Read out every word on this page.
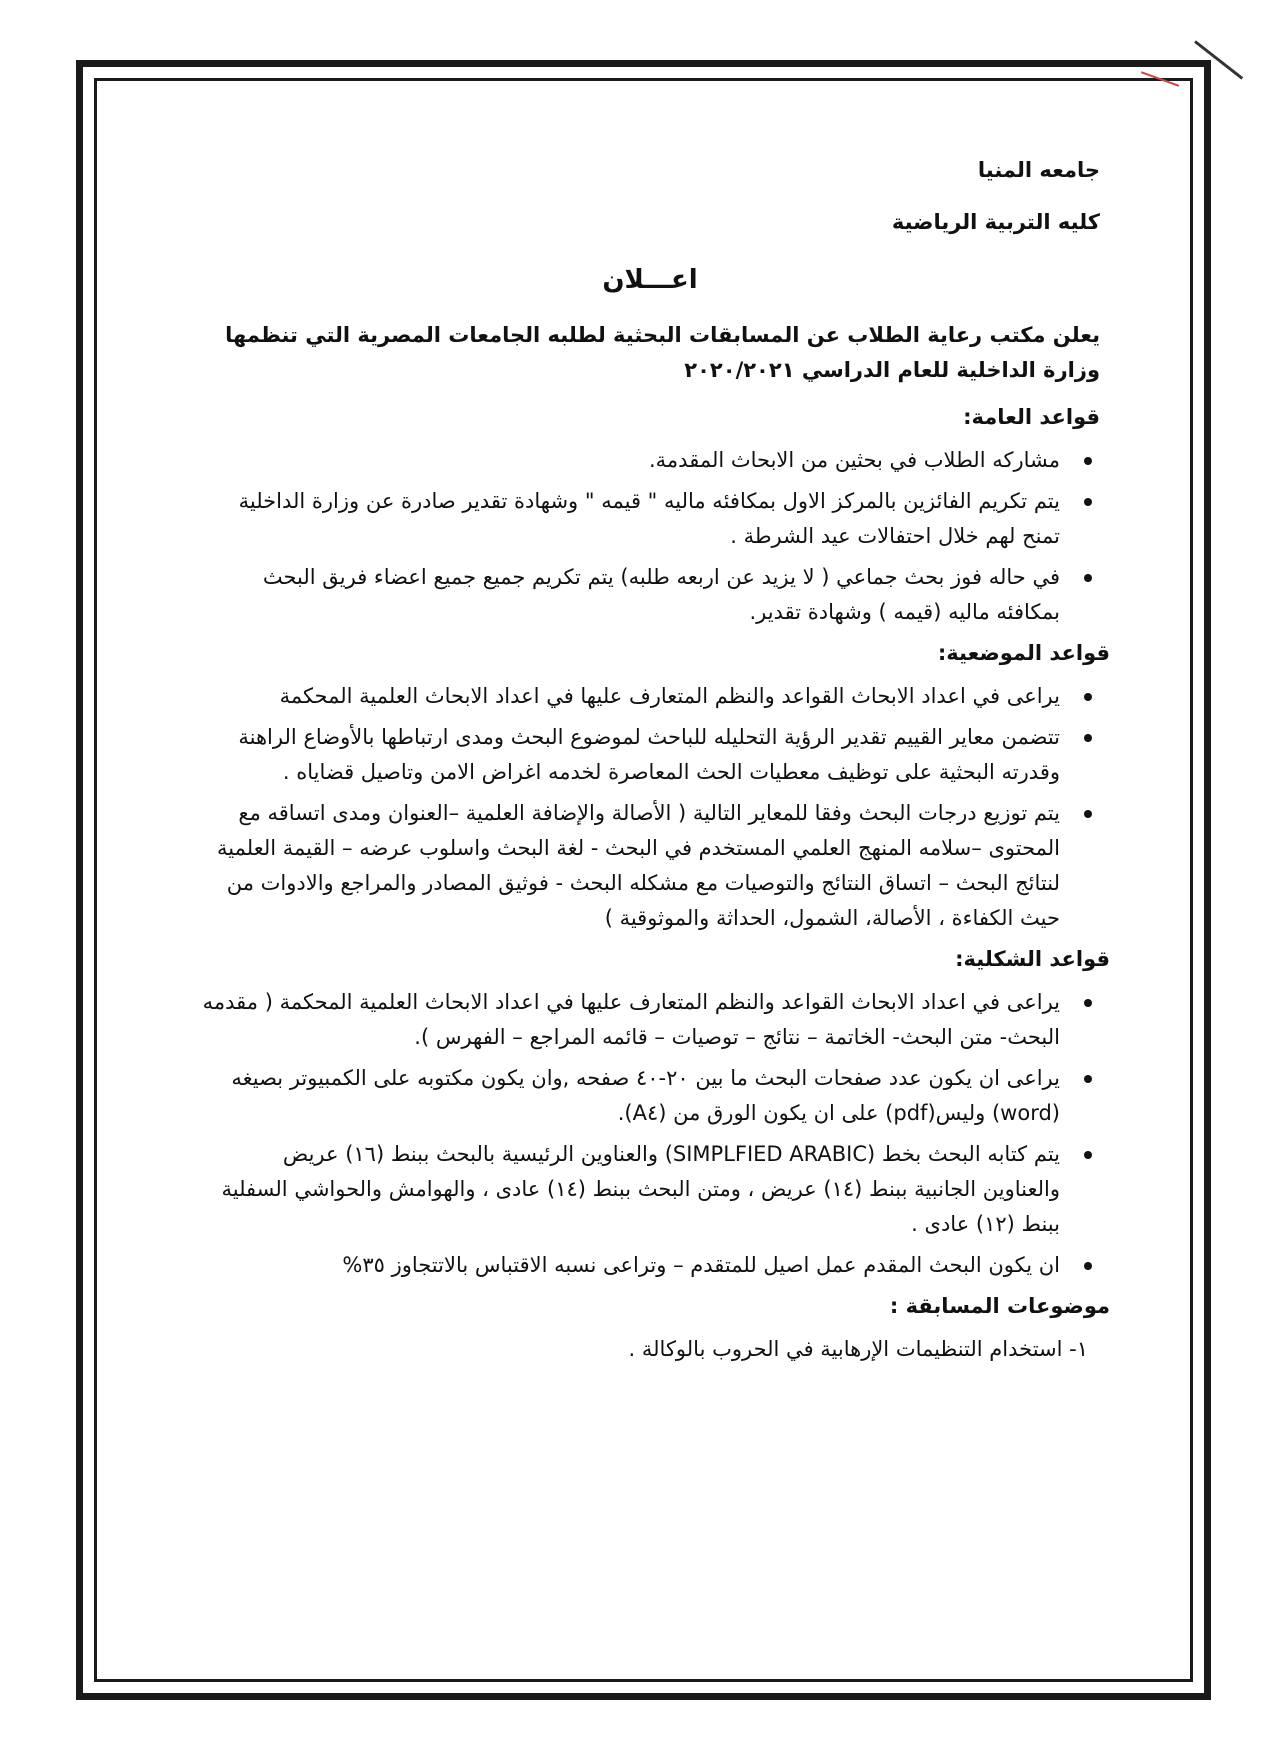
جامعه المنيا
كليه التربية الرياضية
اعـــلان
يعلن مكتب رعاية الطلاب عن المسابقات البحثية لطلبه الجامعات المصرية التي تنظمها وزارة الداخلية للعام الدراسي ٢٠٢٠/٢٠٢١
قواعد العامة:
مشاركه الطلاب في بحثين من الابحاث المقدمة.
يتم تكريم الفائزين بالمركز الاول بمكافئه ماليه " قيمه " وشهادة تقدير صادرة عن وزارة الداخلية تمنح لهم خلال احتفالات عيد الشرطة .
في حاله فوز بحث جماعي ( لا يزيد عن اربعه طلبه) يتم تكريم جميع جميع اعضاء فريق البحث بمكافئه ماليه (قيمه ) وشهادة تقدير.
قواعد الموضعية:
يراعى في اعداد الابحاث القواعد والنظم المتعارف عليها في اعداد الابحاث العلمية المحكمة
تتضمن معاير القييم تقدير الرؤية التحليله للباحث لموضوع البحث ومدى ارتباطها بالأوضاع الراهنة وقدرته البحثية على توظيف معطيات الحث المعاصرة لخدمه اغراض الامن وتاصيل قضاياه .
يتم توزيع درجات البحث وفقا للمعاير التالية ( الأصالة والإضافة العلمية –العنوان ومدى اتساقه مع المحتوى –سلامه المنهج العلمي المستخدم في البحث - لغة البحث واسلوب عرضه – القيمة العلمية لنتائج البحث – اتساق النتائج والتوصيات مع مشكله البحث - فوثيق المصادر والمراجع والادوات من حيث الكفاءة ، الأصالة، الشمول، الحداثة والموثوقية )
قواعد الشكلية:
يراعى في اعداد الابحاث القواعد والنظم المتعارف عليها في اعداد الابحاث العلمية المحكمة ( مقدمه البحث- متن البحث- الخاتمة – نتائج – توصيات – قائمه المراجع – الفهرس ).
يراعى ان يكون عدد صفحات البحث ما بين ٢٠-٤٠ صفحه ,وان يكون مكتوبه على الكمبيوتر بصيغه (word) وليس(pdf) على ان يكون الورق من (A٤).
يتم كتابه البحث بخط (SIMPLFIED ARABIC) والعناوين الرئيسية بالبحث ببنط (١٦) عريض والعناوين الجانبية ببنط (١٤) عريض ، ومتن البحث ببنط (١٤) عادى ، والهوامش والحواشي السفلية ببنط (١٢) عادى .
ان يكون البحث المقدم عمل اصيل للمتقدم – وتراعى نسبه الاقتباس بالاتتجاوز ٣٥%
موضوعات المسابقة :
١- استخدام التنظيمات الإرهابية في الحروب بالوكالة .
